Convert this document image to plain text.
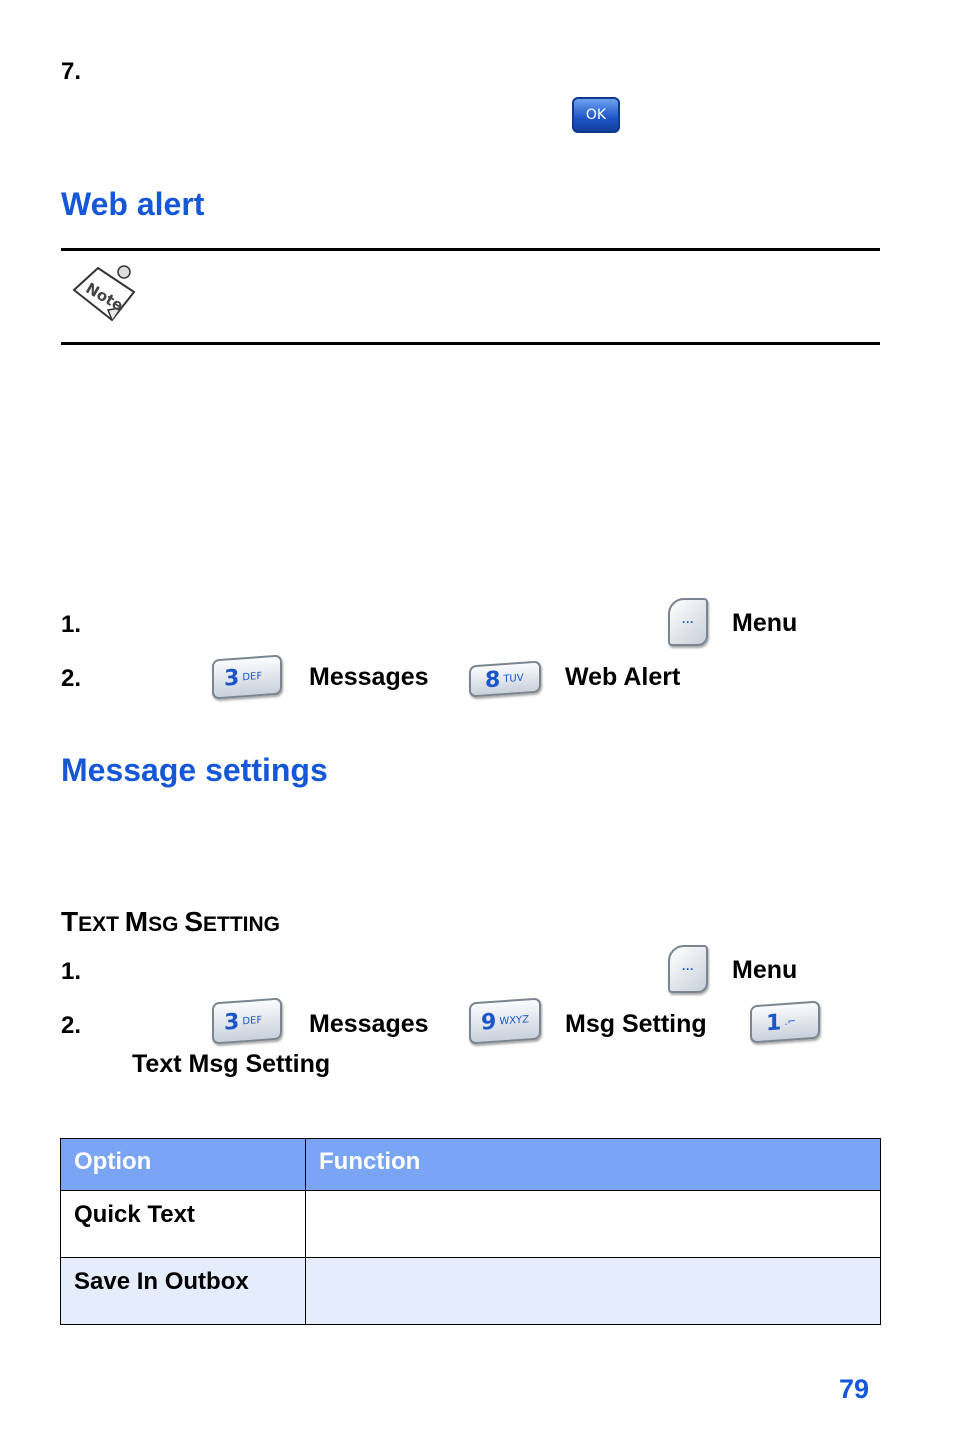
7.
OK
Web alert
Note
1.	···	Menu
2.	3 DEF Messages	8 TUV Web Alert
Message settings
TEXT MSG SETTING
1.	···	Menu
2.	3 DEF Messages 9 WXYZ Msg Setting	1 .⌐
Text Msg Setting
Option	Function
Quick Text	
Save In Outbox	
79
